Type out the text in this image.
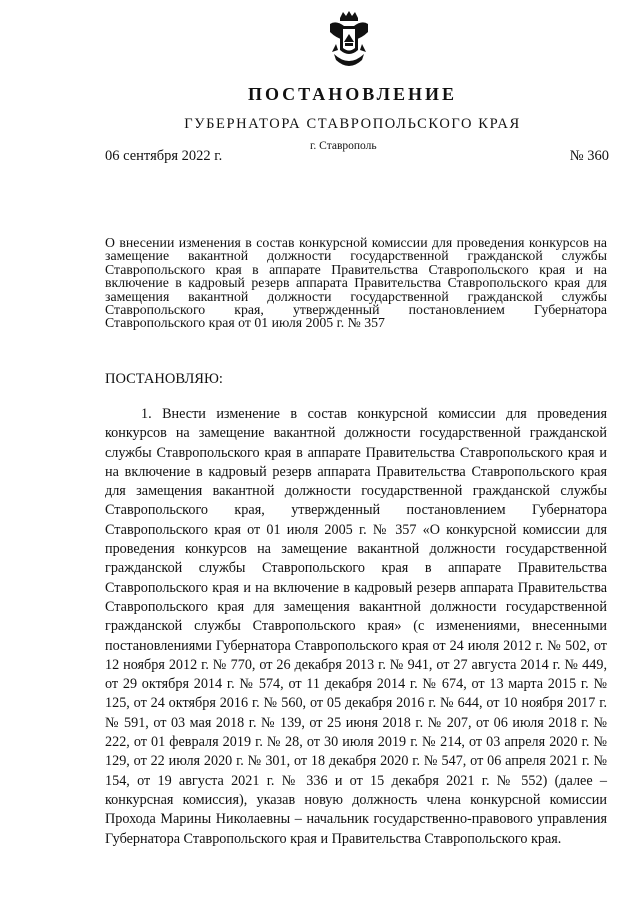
ПОСТАНОВЛЕНИЕ
ГУБЕРНАТОРА СТАВРОПОЛЬСКОГО КРАЯ
г. Ставрополь
06 сентября 2022 г.	№ 360

О внесении изменения в состав конкурсной комиссии для проведения конкурсов на замещение вакантной должности государственной гражданской службы Ставропольского края в аппарате Правительства Ставропольского края и на включение в кадровый резерв аппарата Правительства Ставропольского края для замещения вакантной должности государственной гражданской службы Ставропольского края, утвержденный постановлением Губернатора Ставропольского края от 01 июля 2005 г. № 357

ПОСТАНОВЛЯЮ:

1. Внести изменение в состав конкурсной комиссии для проведения конкурсов на замещение вакантной должности государственной гражданской службы Ставропольского края в аппарате Правительства Ставропольского края и на включение в кадровый резерв аппарата Правительства Ставропольского края для замещения вакантной должности государственной гражданской службы Ставропольского края, утвержденный постановлением Губернатора Ставропольского края от 01 июля 2005 г. № 357 «О конкурсной комиссии для проведения конкурсов на замещение вакантной должности государственной гражданской службы Ставропольского края в аппарате Правительства Ставропольского края и на включение в кадровый резерв аппарата Правительства Ставропольского края для замещения вакантной должности государственной гражданской службы Ставропольского края» (с изменениями, внесенными постановлениями Губернатора Ставропольского края от 24 июля 2012 г. № 502, от 12 ноября 2012 г. № 770, от 26 декабря 2013 г. № 941, от 27 августа 2014 г. № 449, от 29 октября 2014 г. № 574, от 11 декабря 2014 г. № 674, от 13 марта 2015 г. № 125, от 24 октября 2016 г. № 560, от 05 декабря 2016 г. № 644, от 10 ноября 2017 г. № 591, от 03 мая 2018 г. № 139, от 25 июня 2018 г. № 207, от 06 июля 2018 г. № 222, от 01 февраля 2019 г. № 28, от 30 июля 2019 г. № 214, от 03 апреля 2020 г. № 129, от 22 июля 2020 г. № 301, от 18 декабря 2020 г. № 547, от 06 апреля 2021 г. № 154, от 19 августа 2021 г. № 336 и от 15 декабря 2021 г. № 552) (далее – конкурсная комиссия), указав новую должность члена конкурсной комиссии Прохода Марины Николаевны – начальник государственно-правового управления Губернатора Ставропольского края и Правительства Ставропольского края.
